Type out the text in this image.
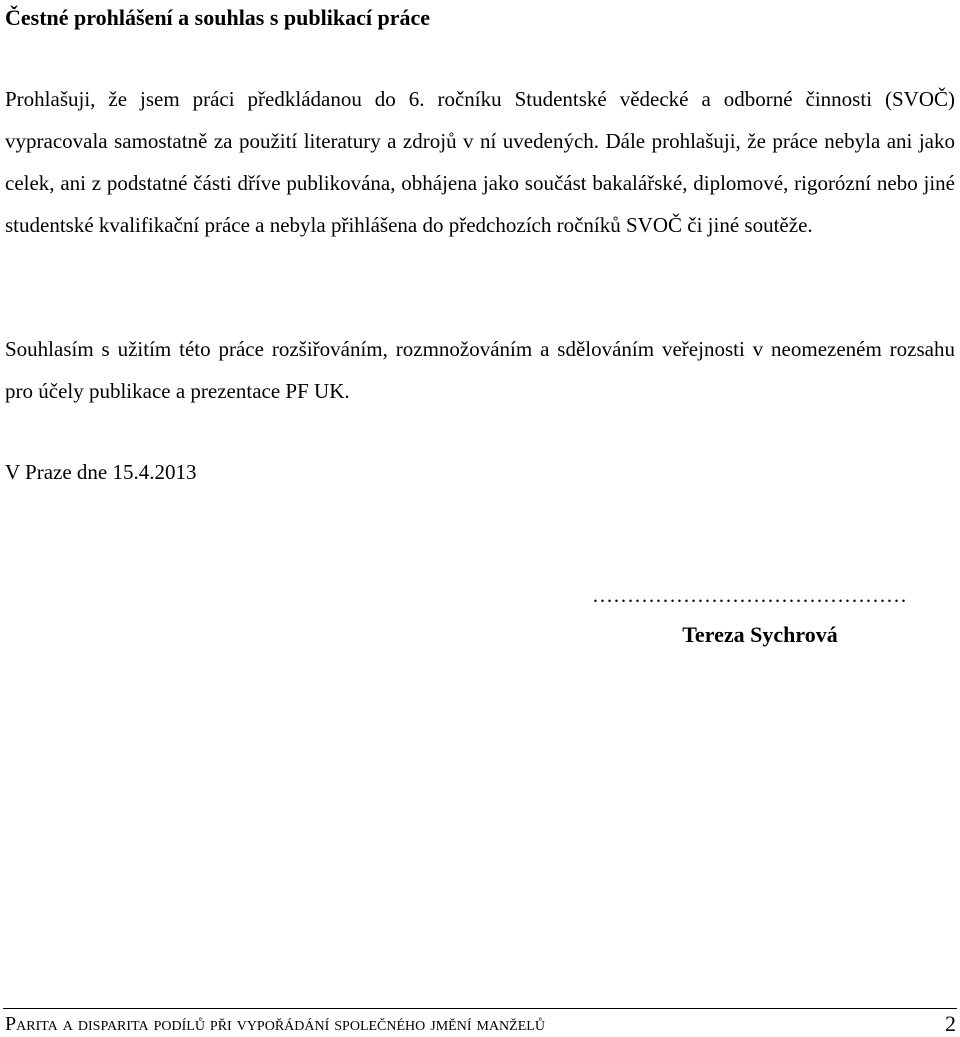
Čestné prohlášení a souhlas s publikací práce

Prohlašuji, že jsem práci předkládanou do 6. ročníku Studentské vědecké a odborné činnosti (SVOČ) vypracovala samostatně za použití literatury a zdrojů v ní uvedených. Dále prohlašuji, že práce nebyla ani jako celek, ani z podstatné části dříve publikována, obhájena jako součást bakalářské, diplomové, rigorózní nebo jiné studentské kvalifikační práce a nebyla přihlášena do předchozích ročníků SVOČ či jiné soutěže.

Souhlasím s užitím této práce rozšiřováním, rozmnožováním a sdělováním veřejnosti v neomezeném rozsahu pro účely publikace a prezentace PF UK.

V Praze dne 15.4.2013
………………………………………
Tereza Sychrová
Parita a disparita podílů při vypořádání společného jmění manželů	2
